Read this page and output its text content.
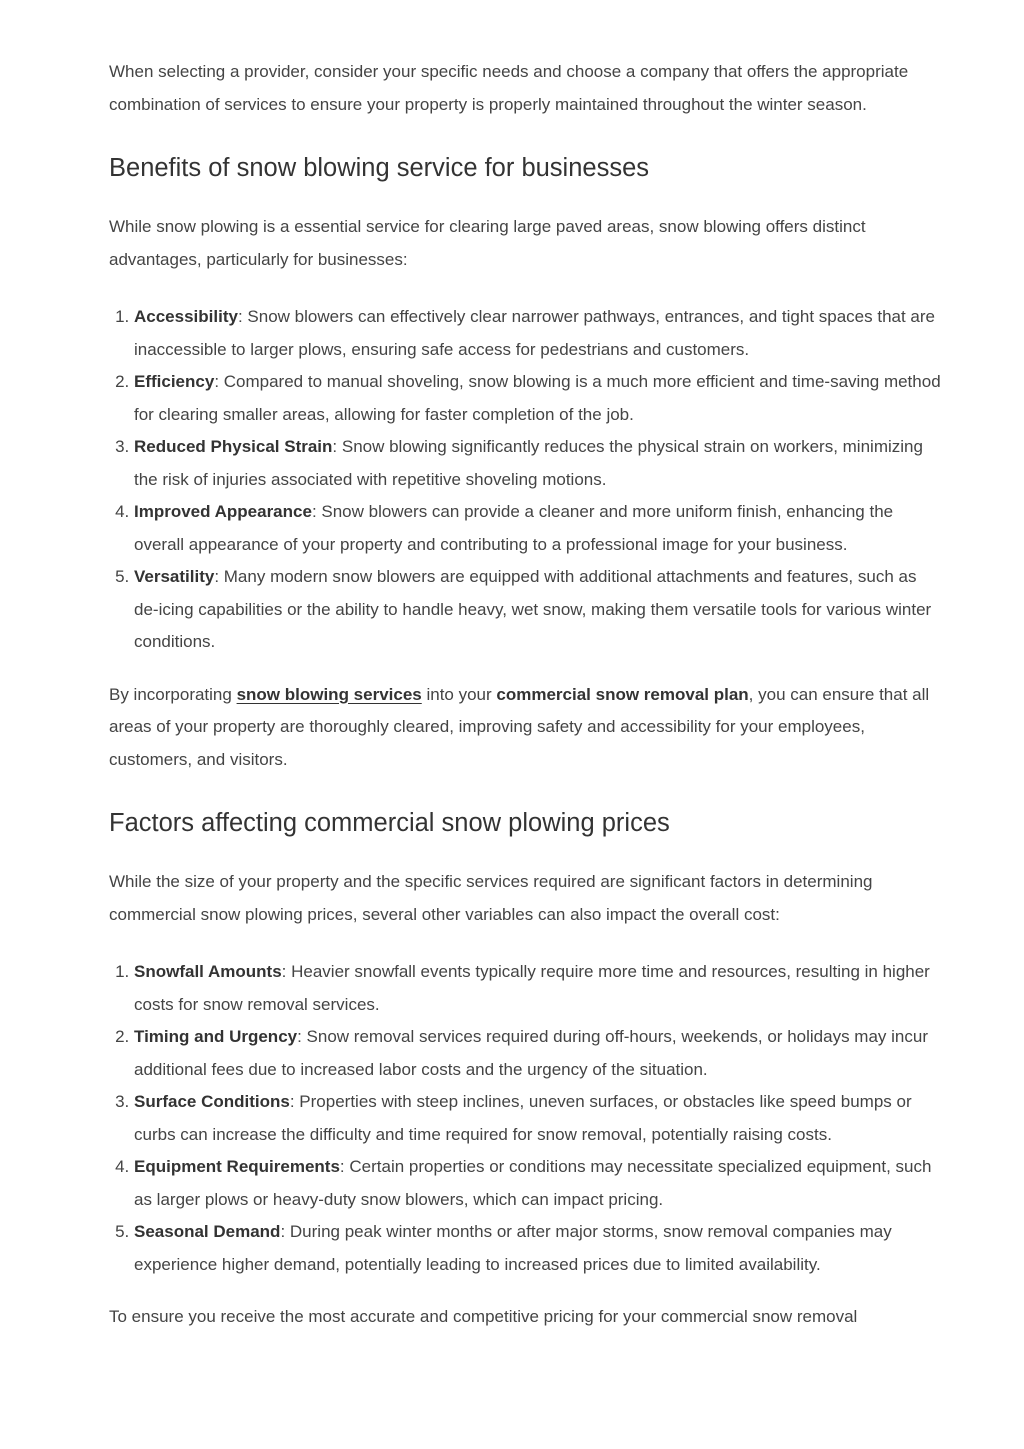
When selecting a provider, consider your specific needs and choose a company that offers the appropriate combination of services to ensure your property is properly maintained throughout the winter season.

Benefits of snow blowing service for businesses

While snow plowing is a essential service for clearing large paved areas, snow blowing offers distinct advantages, particularly for businesses:

1. Accessibility: Snow blowers can effectively clear narrower pathways, entrances, and tight spaces that are inaccessible to larger plows, ensuring safe access for pedestrians and customers.
2. Efficiency: Compared to manual shoveling, snow blowing is a much more efficient and time-saving method for clearing smaller areas, allowing for faster completion of the job.
3. Reduced Physical Strain: Snow blowing significantly reduces the physical strain on workers, minimizing the risk of injuries associated with repetitive shoveling motions.
4. Improved Appearance: Snow blowers can provide a cleaner and more uniform finish, enhancing the overall appearance of your property and contributing to a professional image for your business.
5. Versatility: Many modern snow blowers are equipped with additional attachments and features, such as de-icing capabilities or the ability to handle heavy, wet snow, making them versatile tools for various winter conditions.

By incorporating snow blowing services into your commercial snow removal plan, you can ensure that all areas of your property are thoroughly cleared, improving safety and accessibility for your employees, customers, and visitors.

Factors affecting commercial snow plowing prices

While the size of your property and the specific services required are significant factors in determining commercial snow plowing prices, several other variables can also impact the overall cost:

1. Snowfall Amounts: Heavier snowfall events typically require more time and resources, resulting in higher costs for snow removal services.
2. Timing and Urgency: Snow removal services required during off-hours, weekends, or holidays may incur additional fees due to increased labor costs and the urgency of the situation.
3. Surface Conditions: Properties with steep inclines, uneven surfaces, or obstacles like speed bumps or curbs can increase the difficulty and time required for snow removal, potentially raising costs.
4. Equipment Requirements: Certain properties or conditions may necessitate specialized equipment, such as larger plows or heavy-duty snow blowers, which can impact pricing.
5. Seasonal Demand: During peak winter months or after major storms, snow removal companies may experience higher demand, potentially leading to increased prices due to limited availability.

To ensure you receive the most accurate and competitive pricing for your commercial snow removal
